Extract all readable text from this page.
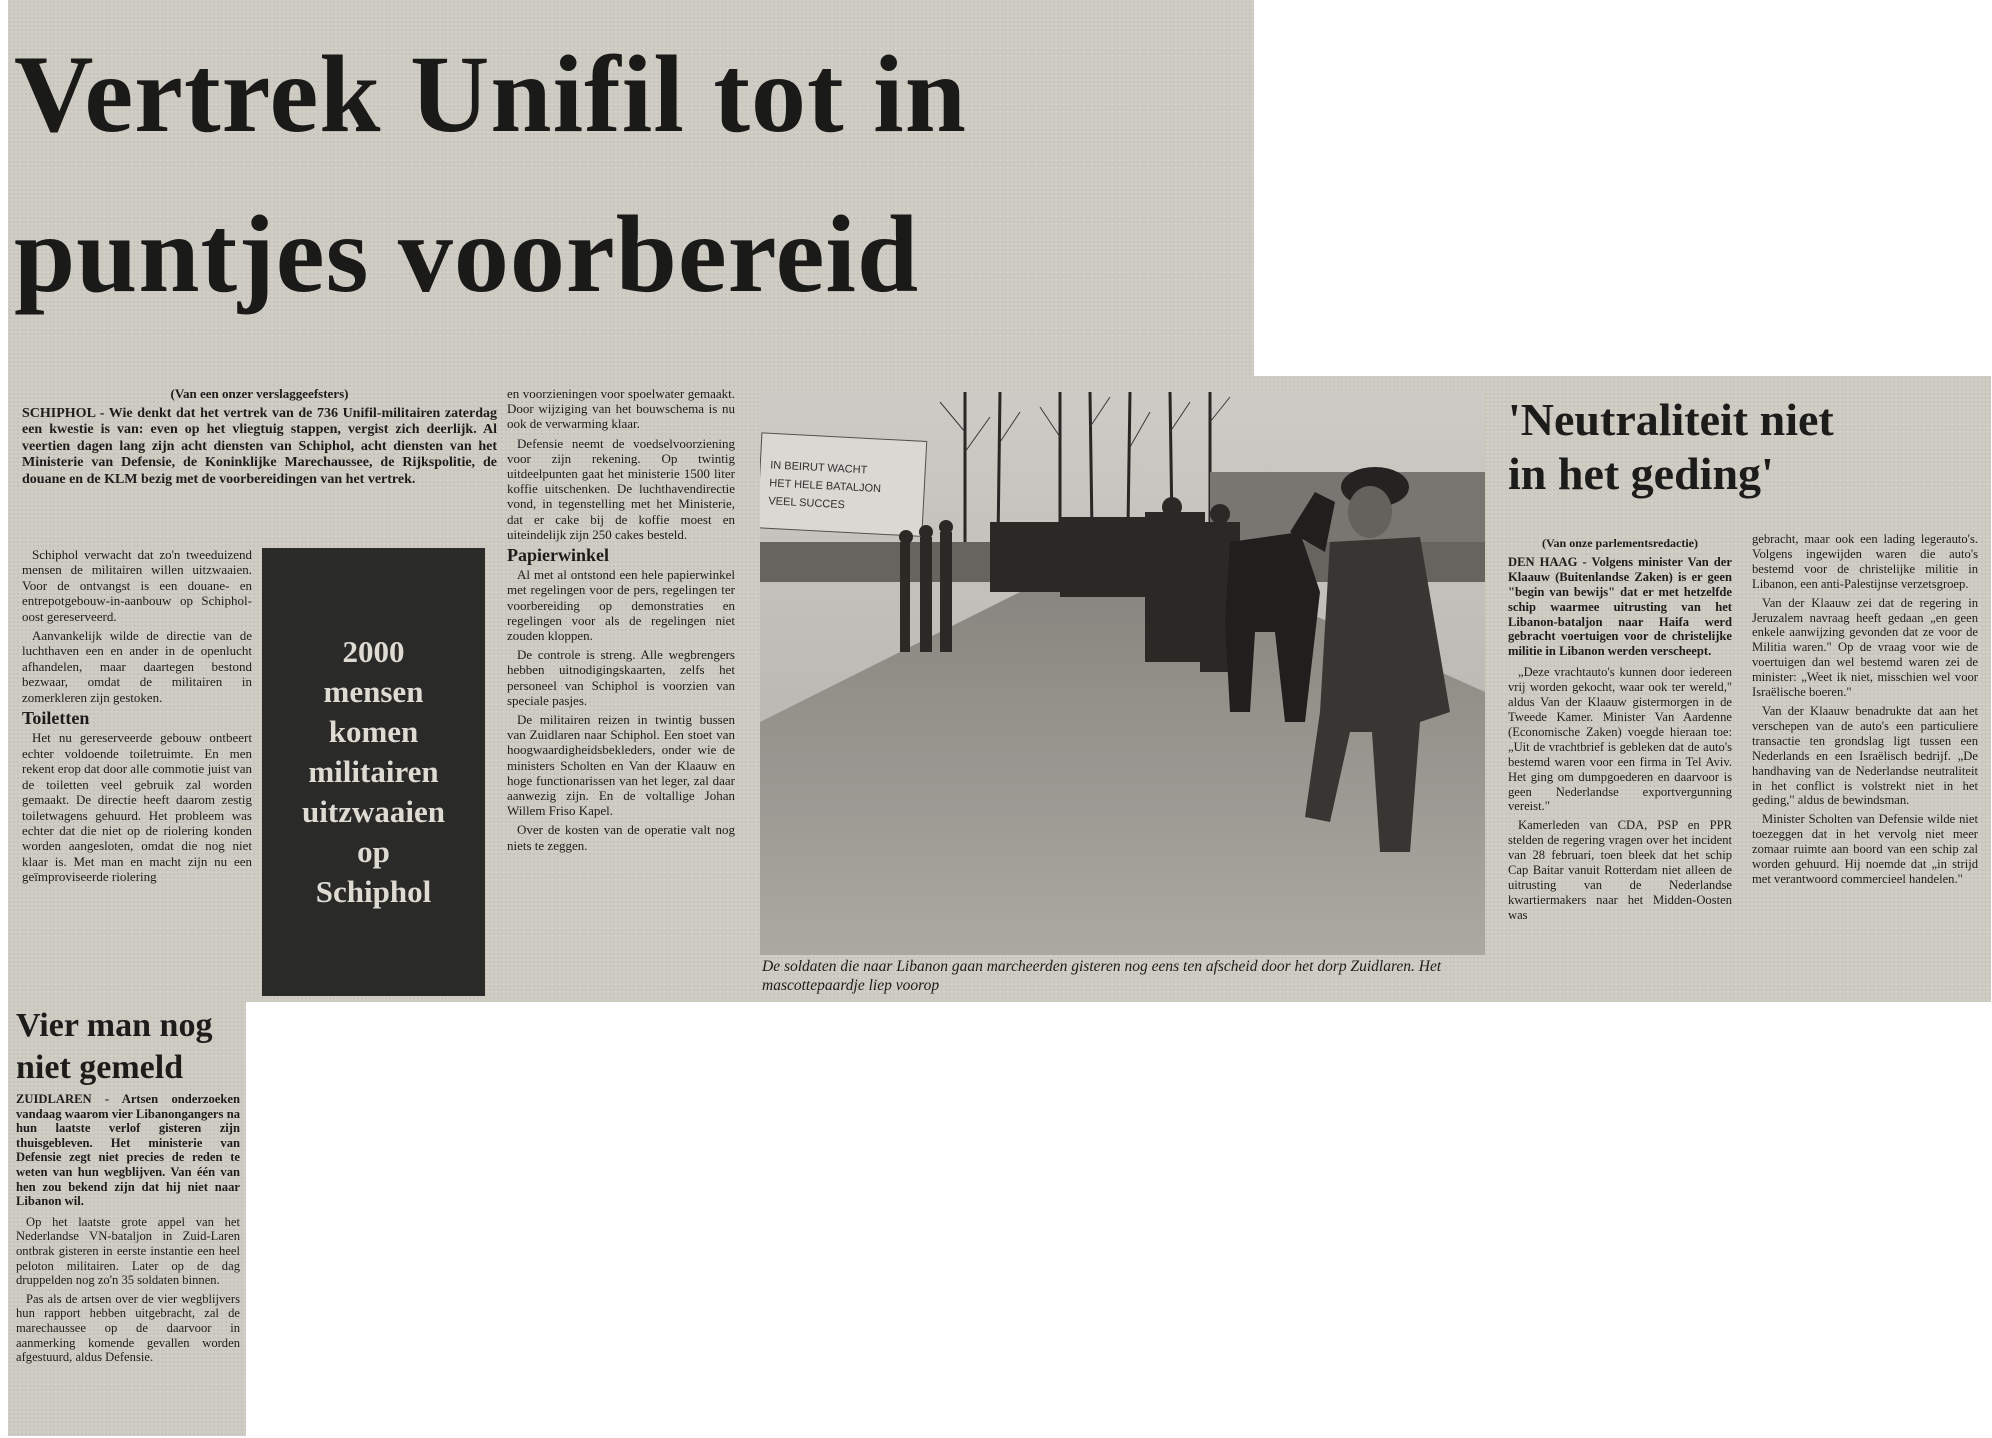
Vertrek Unifil tot in
puntjes voorbereid

(Van een onzer verslaggeefsters)

SCHIPHOL - Wie denkt dat het vertrek van de 736 Unifil-militairen zaterdag een kwestie is van: even op het vliegtuig stappen, vergist zich deerlijk. Al veertien dagen lang zijn acht diensten van Schiphol, acht diensten van het Ministerie van Defensie, de Koninklijke Marechaussee, de Rijkspolitie, de douane en de KLM bezig met de voorbereidingen van het vertrek.

Schiphol verwacht dat zo'n tweeduizend mensen de militairen willen uitzwaaien. Voor de ontvangst is een douane- en entrepotgebouw-in-aanbouw op Schiphol-oost gereserveerd.

Aanvankelijk wilde de directie van de luchthaven een en ander in de openlucht afhandelen, maar daartegen bestond bezwaar, omdat de militairen in zomerkleren zijn gestoken.

Toiletten

Het nu gereserveerde gebouw ontbeert echter voldoende toiletruimte. En men rekent erop dat door alle commotie juist van de toiletten veel gebruik zal worden gemaakt. De directie heeft daarom zestig toiletwagens gehuurd. Het probleem was echter dat die niet op de riolering konden worden aangesloten, omdat die nog niet klaar is. Met man en macht zijn nu een geïmproviseerde riolering

2000
mensen
komen
militairen
uitzwaaien
op
Schiphol

en voorzieningen voor spoelwater gemaakt. Door wijziging van het bouwschema is nu ook de verwarming klaar.

Defensie neemt de voedselvoorziening voor zijn rekening. Op twintig uitdeelpunten gaat het ministerie 1500 liter koffie uitschenken. De luchthavendirectie vond, in tegenstelling met het Ministerie, dat er cake bij de koffie moest en uiteindelijk zijn 250 cakes besteld.

Papierwinkel

Al met al ontstond een hele papierwinkel met regelingen voor de pers, regelingen ter voorbereiding op demonstraties en regelingen voor als de regelingen niet zouden kloppen.

De controle is streng. Alle wegbrengers hebben uitnodigingskaarten, zelfs het personeel van Schiphol is voorzien van speciale pasjes.

De militairen reizen in twintig bussen van Zuidlaren naar Schiphol. Een stoet van hoogwaardigheidsbekleders, onder wie de ministers Scholten en Van der Klaauw en hoge functionarissen van het leger, zal daar aanwezig zijn. En de voltallige Johan Willem Friso Kapel.

Over de kosten van de operatie valt nog niets te zeggen.

IN BEIRUT WACHT
HET HELE BATALJON
VEEL SUCCES
De soldaten die naar Libanon gaan marcheerden gisteren nog eens ten afscheid door het dorp Zuidlaren. Het mascottepaardje liep voorop
'Neutraliteit niet
in het geding'

(Van onze parlementsredactie)

DEN HAAG - Volgens minister Van der Klaauw (Buitenlandse Zaken) is er geen "begin van bewijs" dat er met hetzelfde schip waarmee uitrusting van het Libanon-bataljon naar Haifa werd gebracht voertuigen voor de christelijke militie in Libanon werden verscheept.

„Deze vrachtauto's kunnen door iedereen vrij worden gekocht, waar ook ter wereld," aldus Van der Klaauw gistermorgen in de Tweede Kamer. Minister Van Aardenne (Economische Zaken) voegde hieraan toe: „Uit de vrachtbrief is gebleken dat de auto's bestemd waren voor een firma in Tel Aviv. Het ging om dumpgoederen en daarvoor is geen Nederlandse exportvergunning vereist."

Kamerleden van CDA, PSP en PPR stelden de regering vragen over het incident van 28 februari, toen bleek dat het schip Cap Baitar vanuit Rotterdam niet alleen de uitrusting van de Nederlandse kwartiermakers naar het Midden-Oosten was

gebracht, maar ook een lading legerauto's. Volgens ingewijden waren die auto's bestemd voor de christelijke militie in Libanon, een anti-Palestijnse verzetsgroep.

Van der Klaauw zei dat de regering in Jeruzalem navraag heeft gedaan „en geen enkele aanwijzing gevonden dat ze voor de Militia waren." Op de vraag voor wie de voertuigen dan wel bestemd waren zei de minister: „Weet ik niet, misschien wel voor Israëlische boeren."

Van der Klaauw benadrukte dat aan het verschepen van de auto's een particuliere transactie ten grondslag ligt tussen een Nederlands en een Israëlisch bedrijf. „De handhaving van de Nederlandse neutraliteit in het conflict is volstrekt niet in het geding," aldus de bewindsman.

Minister Scholten van Defensie wilde niet toezeggen dat in het vervolg niet meer zomaar ruimte aan boord van een schip zal worden gehuurd. Hij noemde dat „in strijd met verantwoord commercieel handelen."

Vier man nog
niet gemeld
ZUIDLAREN - Artsen onderzoeken vandaag waarom vier Libanongangers na hun laatste verlof gisteren zijn thuisgebleven. Het ministerie van Defensie zegt niet precies de reden te weten van hun wegblijven. Van één van hen zou bekend zijn dat hij niet naar Libanon wil.

Op het laatste grote appel van het Nederlandse VN-bataljon in Zuid-Laren ontbrak gisteren in eerste instantie een heel peloton militairen. Later op de dag druppelden nog zo'n 35 soldaten binnen.

Pas als de artsen over de vier wegblijvers hun rapport hebben uitgebracht, zal de marechaussee op de daarvoor in aanmerking komende gevallen worden afgestuurd, aldus Defensie.
